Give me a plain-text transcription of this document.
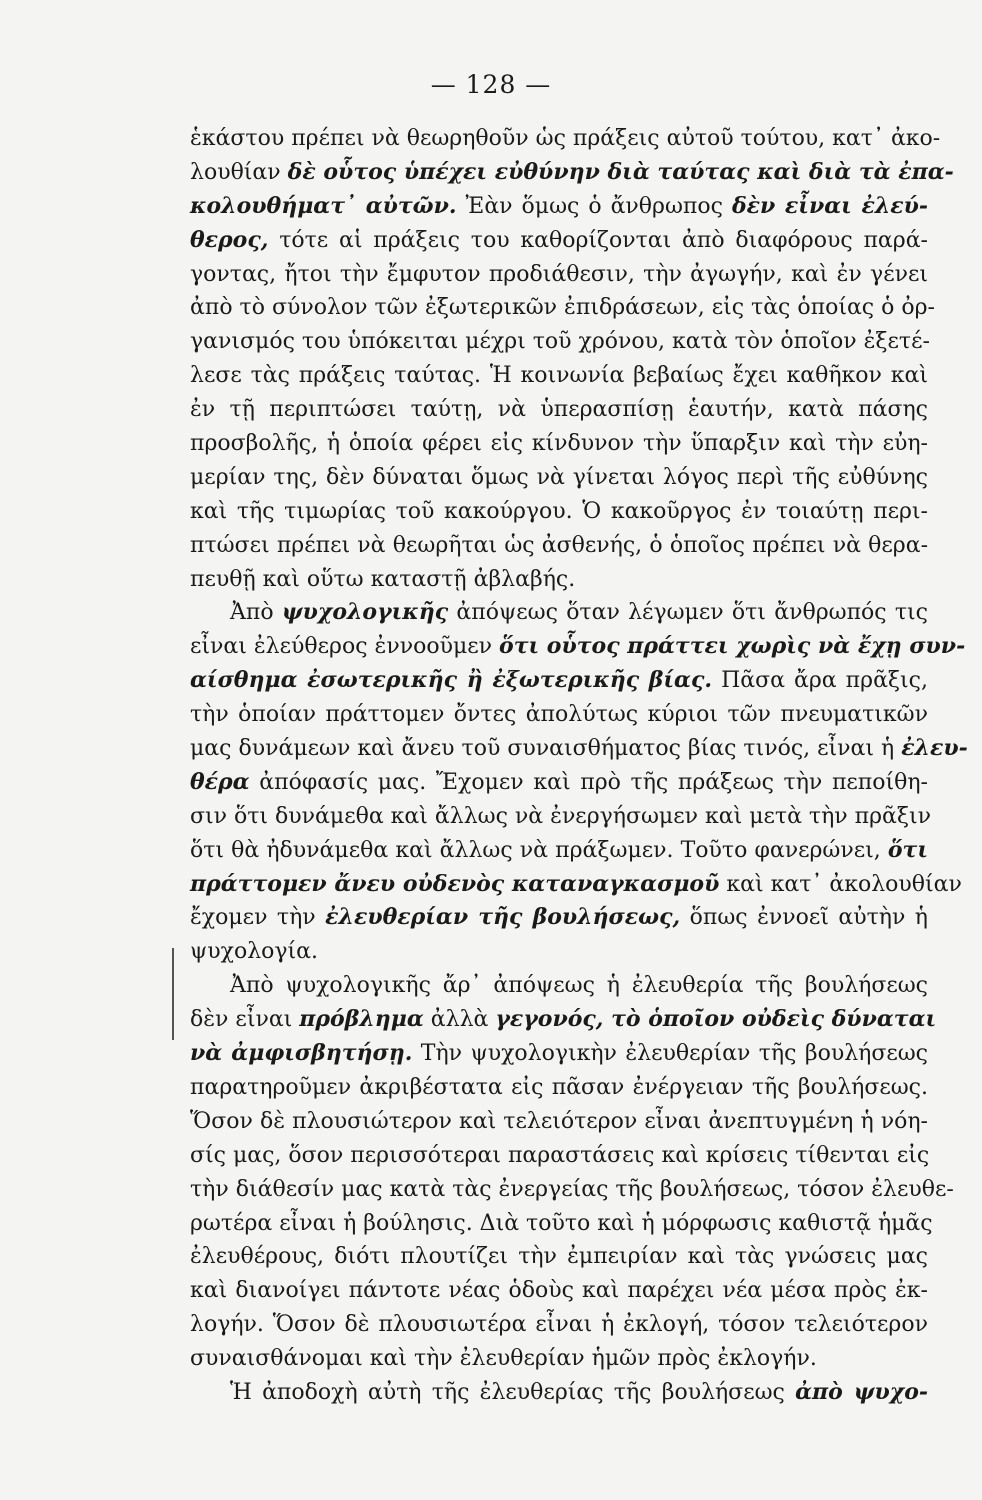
— 128 —
ἑκάστου πρέπει νὰ θεωρηθοῦν ὡς πράξεις αὐτοῦ τούτου, κατ᾿ ἀκο-
λουθίαν δὲ οὗτος ὑπέχει εὐθύνην διὰ ταύτας καὶ διὰ τὰ ἐπα-
κολουθήματ᾿ αὐτῶν. Ἐὰν ὅμως ὁ ἄνθρωπος δὲν εἶναι ἐλεύ-
θερος, τότε αἱ πράξεις του καθορίζονται ἀπὸ διαφόρους παρά-
γοντας, ἤτοι τὴν ἔμφυτον προδιάθεσιν, τὴν ἀγωγήν, καὶ ἐν γένει
ἀπὸ τὸ σύνολον τῶν ἐξωτερικῶν ἐπιδράσεων, εἰς τὰς ὁποίας ὁ ὀρ-
γανισμός του ὑπόκειται μέχρι τοῦ χρόνου, κατὰ τὸν ὁποῖον ἐξετέ-
λεσε τὰς πράξεις ταύτας. Ἡ κοινωνία βεβαίως ἔχει καθῆκον καὶ
ἐν τῇ περιπτώσει ταύτῃ, νὰ ὑπερασπίσῃ ἑαυτήν, κατὰ πάσης
προσβολῆς, ἡ ὁποία φέρει εἰς κίνδυνον τὴν ὕπαρξιν καὶ τὴν εὐη-
μερίαν της, δὲν δύναται ὅμως νὰ γίνεται λόγος περὶ τῆς εὐθύνης
καὶ τῆς τιμωρίας τοῦ κακούργου. Ὁ κακοῦργος ἐν τοιαύτῃ περι-
πτώσει πρέπει νὰ θεωρῆται ὡς ἀσθενής, ὁ ὁποῖος πρέπει νὰ θερα-
πευθῇ καὶ οὕτω καταστῇ ἀβλαβής.
Ἀπὸ ψυχολογικῆς ἀπόψεως ὅταν λέγωμεν ὅτι ἄνθρωπός τις
εἶναι ἐλεύθερος ἐννοοῦμεν ὅτι οὗτος πράττει χωρὶς νὰ ἔχῃ συν-
αίσθημα ἐσωτερικῆς ἢ ἐξωτερικῆς βίας. Πᾶσα ἄρα πρᾶξις,
τὴν ὁποίαν πράττομεν ὄντες ἀπολύτως κύριοι τῶν πνευματικῶν
μας δυνάμεων καὶ ἄνευ τοῦ συναισθήματος βίας τινός, εἶναι ἡ ἐλευ-
θέρα ἀπόφασίς μας. Ἔχομεν καὶ πρὸ τῆς πράξεως τὴν πεποίθη-
σιν ὅτι δυνάμεθα καὶ ἄλλως νὰ ἐνεργήσωμεν καὶ μετὰ τὴν πρᾶξιν
ὅτι θὰ ἠδυνάμεθα καὶ ἄλλως νὰ πράξωμεν. Τοῦτο φανερώνει, ὅτι
πράττομεν ἄνευ οὐδενὸς καταναγκασμοῦ καὶ κατ᾿ ἀκολουθίαν
ἔχομεν τὴν ἐλευθερίαν τῆς βουλήσεως, ὅπως ἐννοεῖ αὐτὴν ἡ
ψυχολογία.
Ἀπὸ ψυχολογικῆς ἄρ᾿ ἀπόψεως ἡ ἐλευθερία τῆς βουλήσεως
δὲν εἶναι πρόβλημα ἀλλὰ γεγονός, τὸ ὁποῖον οὐδεὶς δύναται
νὰ ἀμφισβητήσῃ. Τὴν ψυχολογικὴν ἐλευθερίαν τῆς βουλήσεως
παρατηροῦμεν ἀκριβέστατα εἰς πᾶσαν ἐνέργειαν τῆς βουλήσεως.
Ὅσον δὲ πλουσιώτερον καὶ τελειότερον εἶναι ἀνεπτυγμένη ἡ νόη-
σίς μας, ὅσον περισσότεραι παραστάσεις καὶ κρίσεις τίθενται εἰς
τὴν διάθεσίν μας κατὰ τὰς ἐνεργείας τῆς βουλήσεως, τόσον ἐλευθε-
ρωτέρα εἶναι ἡ βούλησις. Διὰ τοῦτο καὶ ἡ μόρφωσις καθιστᾷ ἡμᾶς
ἐλευθέρους, διότι πλουτίζει τὴν ἐμπειρίαν καὶ τὰς γνώσεις μας
καὶ διανοίγει πάντοτε νέας ὁδοὺς καὶ παρέχει νέα μέσα πρὸς ἐκ-
λογήν. Ὅσον δὲ πλουσιωτέρα εἶναι ἡ ἐκλογή, τόσον τελειότερον
συναισθάνομαι καὶ τὴν ἐλευθερίαν ἡμῶν πρὸς ἐκλογήν.
Ἡ ἀποδοχὴ αὐτὴ τῆς ἐλευθερίας τῆς βουλήσεως ἀπὸ ψυχο-
